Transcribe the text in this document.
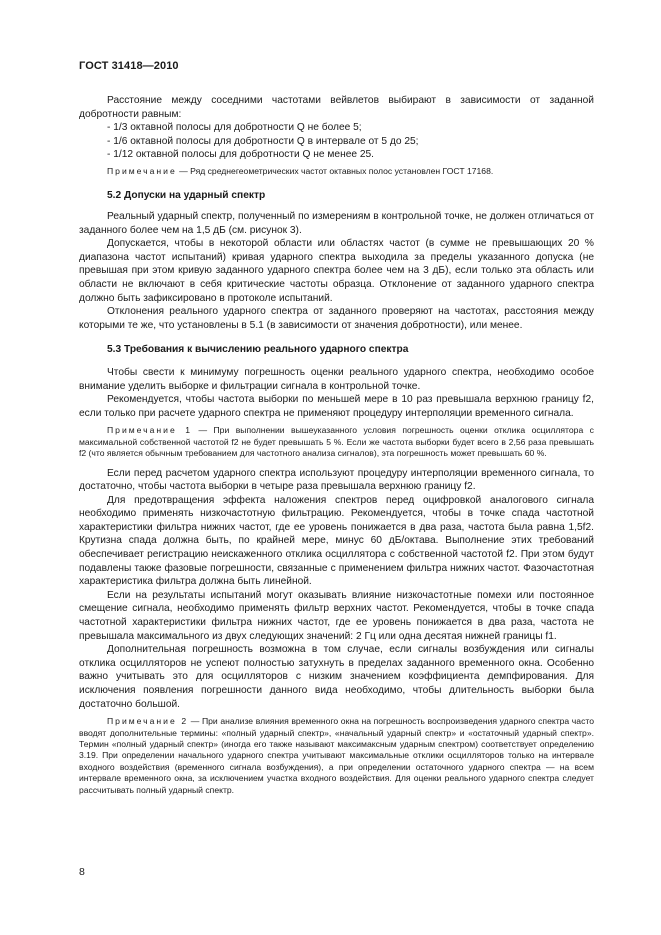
ГОСТ 31418—2010

Расстояние между соседними частотами вейвлетов выбирают в зависимости от заданной добротности равным:

- 1/3 октавной полосы для добротности Q не более 5;

- 1/6 октавной полосы для добротности Q в интервале от 5 до 25;

- 1/12 октавной полосы для добротности Q не менее 25.

Примечание — Ряд среднегеометрических частот октавных полос установлен ГОСТ 17168.

5.2 Допуски на ударный спектр

Реальный ударный спектр, полученный по измерениям в контрольной точке, не должен отличаться от заданного более чем на 1,5 дБ (см. рисунок 3).

Допускается, чтобы в некоторой области или областях частот (в сумме не превышающих 20 % диапазона частот испытаний) кривая ударного спектра выходила за пределы указанного допуска (не превышая при этом кривую заданного ударного спектра более чем на 3 дБ), если только эта область или области не включают в себя критические частоты образца. Отклонение от заданного ударного спектра должно быть зафиксировано в протоколе испытаний.

Отклонения реального ударного спектра от заданного проверяют на частотах, расстояния между которыми те же, что установлены в 5.1 (в зависимости от значения добротности), или менее.

5.3 Требования к вычислению реального ударного спектра

Чтобы свести к минимуму погрешность оценки реального ударного спектра, необходимо особое внимание уделить выборке и фильтрации сигнала в контрольной точке.

Рекомендуется, чтобы частота выборки по меньшей мере в 10 раз превышала верхнюю границу f2, если только при расчете ударного спектра не применяют процедуру интерполяции временного сигнала.

Примечание 1 — При выполнении вышеуказанного условия погрешность оценки отклика осциллятора с максимальной собственной частотой f2 не будет превышать 5 %. Если же частота выборки будет всего в 2,56 раза превышать f2 (что является обычным требованием для частотного анализа сигналов), эта погрешность может превышать 60 %.

Если перед расчетом ударного спектра используют процедуру интерполяции временного сигнала, то достаточно, чтобы частота выборки в четыре раза превышала верхнюю границу f2.

Для предотвращения эффекта наложения спектров перед оцифровкой аналогового сигнала необходимо применять низкочастотную фильтрацию. Рекомендуется, чтобы в точке спада частотной характеристики фильтра нижних частот, где ее уровень понижается в два раза, частота была равна 1,5f2. Крутизна спада должна быть, по крайней мере, минус 60 дБ/октава. Выполнение этих требований обеспечивает регистрацию неискаженного отклика осциллятора с собственной частотой f2. При этом будут подавлены также фазовые погрешности, связанные с применением фильтра нижних частот. Фазочастотная характеристика фильтра должна быть линейной.

Если на результаты испытаний могут оказывать влияние низкочастотные помехи или постоянное смещение сигнала, необходимо применять фильтр верхних частот. Рекомендуется, чтобы в точке спада частотной характеристики фильтра нижних частот, где ее уровень понижается в два раза, частота не превышала максимального из двух следующих значений: 2 Гц или одна десятая нижней границы f1.

Дополнительная погрешность возможна в том случае, если сигналы возбуждения или сигналы отклика осцилляторов не успеют полностью затухнуть в пределах заданного временного окна. Особенно важно учитывать это для осцилляторов с низким значением коэффициента демпфирования. Для исключения появления погрешности данного вида необходимо, чтобы длительность выборки была достаточно большой.

Примечание 2 — При анализе влияния временного окна на погрешность воспроизведения ударного спектра часто вводят дополнительные термины: «полный ударный спектр», «начальный ударный спектр» и «остаточный ударный спектр». Термин «полный ударный спектр» (иногда его также называют максимаксным ударным спектром) соответствует определению 3.19. При определении начального ударного спектра учитывают максимальные отклики осцилляторов только на интервале входного воздействия (временного сигнала возбуждения), а при определении остаточного ударного спектра — на всем интервале временного окна, за исключением участка входного воздействия. Для оценки реального ударного спектра следует рассчитывать полный ударный спектр.

8
